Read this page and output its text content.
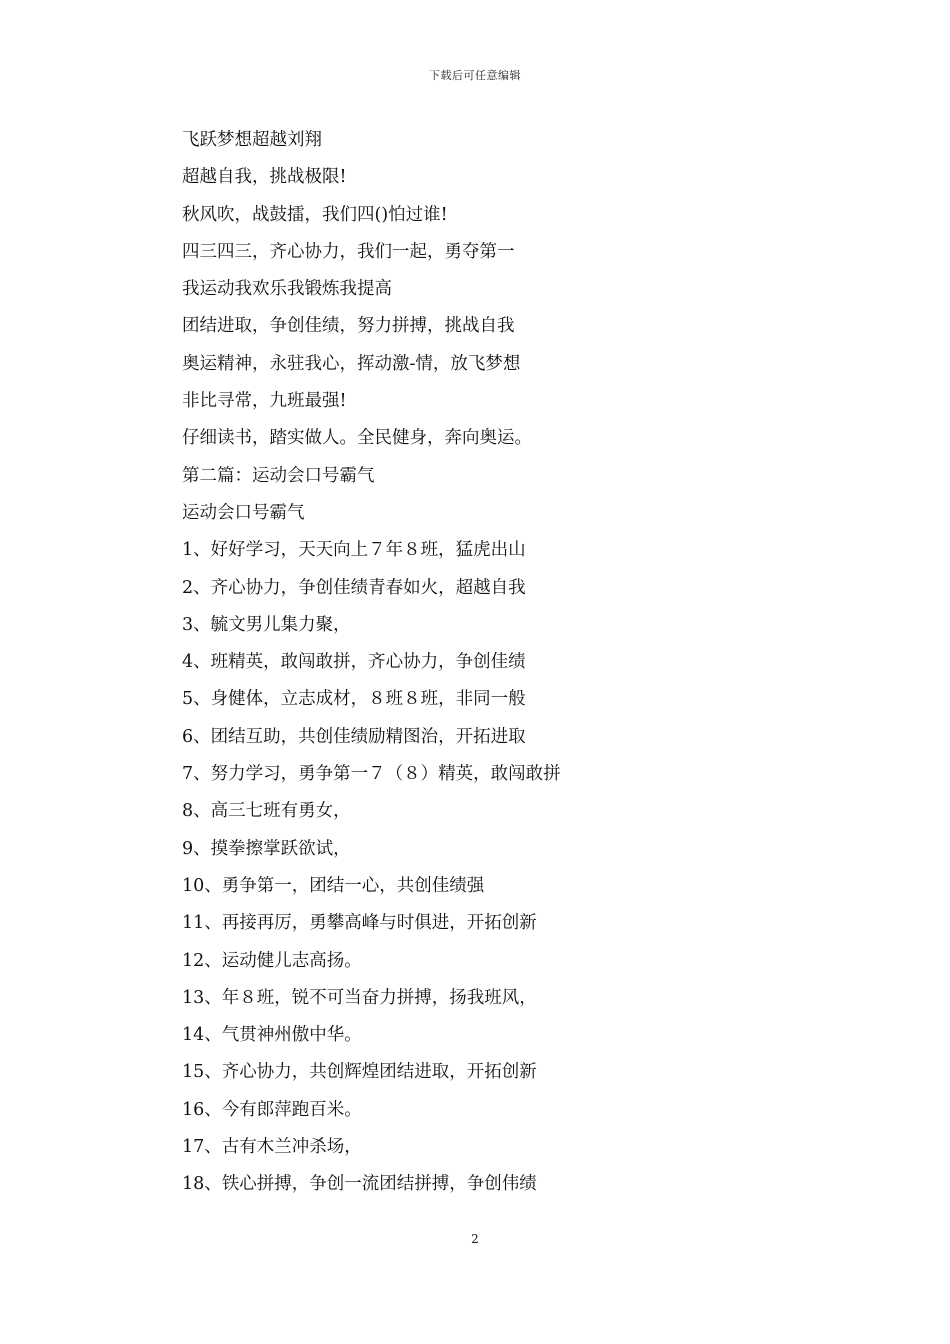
下载后可任意编辑
飞跃梦想超越刘翔
超越自我，挑战极限!
秋风吹，战鼓擂，我们四()怕过谁!
四三四三，齐心协力，我们一起，勇夺第一
我运动我欢乐我锻炼我提高
团结进取，争创佳绩，努力拼搏，挑战自我
奥运精神，永驻我心，挥动激-情，放飞梦想
非比寻常，九班最强!
仔细读书，踏实做人。全民健身，奔向奥运。
第二篇：运动会口号霸气
运动会口号霸气
1、好好学习，天天向上７年８班，猛虎出山
2、齐心协力，争创佳绩青春如火，超越自我
3、毓文男儿集力聚，
4、班精英，敢闯敢拼，齐心协力，争创佳绩
5、身健体，立志成材，８班８班，非同一般
6、团结互助，共创佳绩励精图治，开拓进取
7、努力学习，勇争第一７（８）精英，敢闯敢拼
8、高三七班有勇女，
9、摸拳擦掌跃欲试，
10、勇争第一，团结一心，共创佳绩强
11、再接再厉，勇攀高峰与时俱进，开拓创新
12、运动健儿志高扬。
13、年８班，锐不可当奋力拼搏，扬我班风，
14、气贯神州傲中华。
15、齐心协力，共创辉煌团结进取，开拓创新
16、今有郎萍跑百米。
17、古有木兰冲杀场，
18、铁心拼搏，争创一流团结拼搏，争创伟绩
2
